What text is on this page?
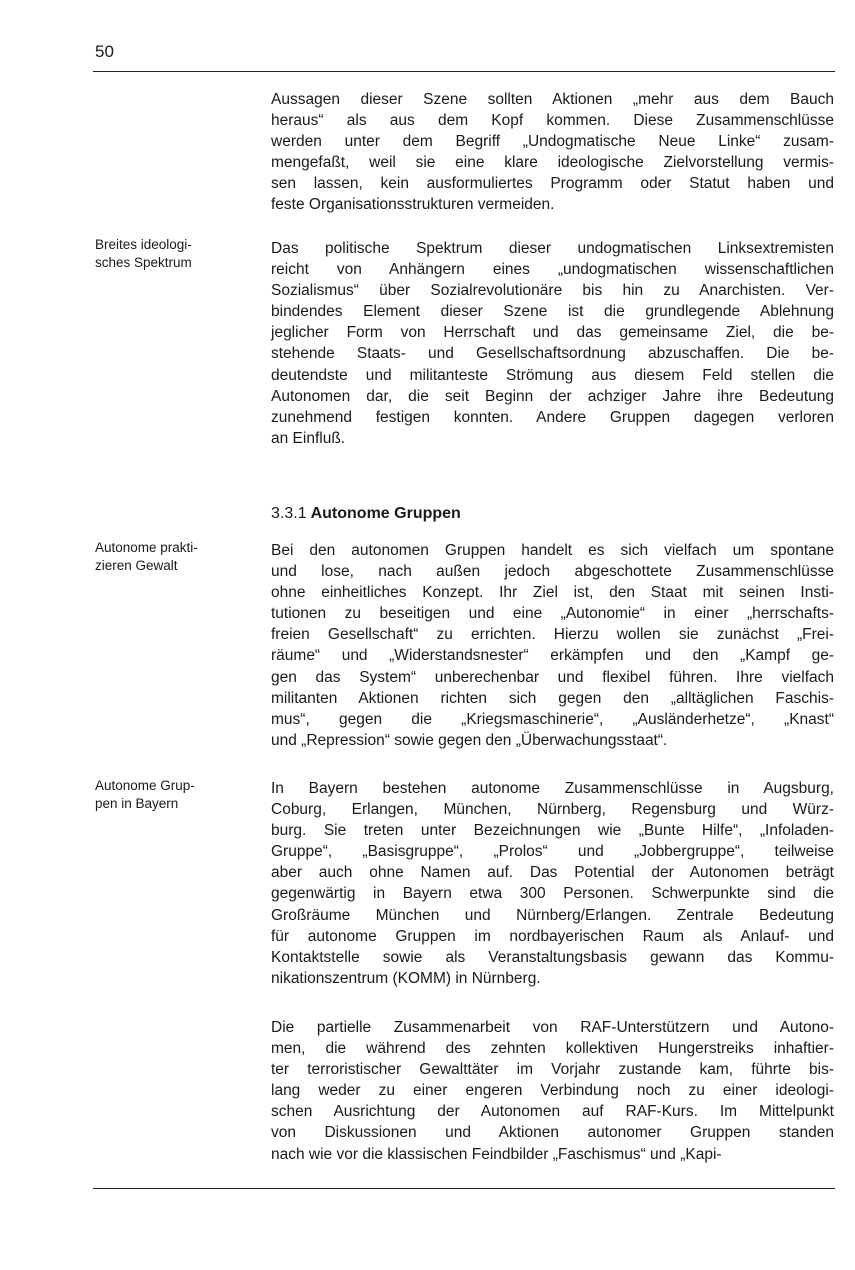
50

Aussagen dieser Szene sollten Aktionen „mehr aus dem Bauch
heraus“ als aus dem Kopf kommen. Diese Zusammenschlüsse
werden unter dem Begriff „Undogmatische Neue Linke“ zusam-
mengefaßt, weil sie eine klare ideologische Zielvorstellung vermis-
sen lassen, kein ausformuliertes Programm oder Statut haben und
feste Organisationsstrukturen vermeiden.

Breites ideologi-
sches Spektrum

Das politische Spektrum dieser undogmatischen Linksextremisten
reicht von Anhängern eines „undogmatischen wissenschaftlichen
Sozialismus“ über Sozialrevolutionäre bis hin zu Anarchisten. Ver-
bindendes Element dieser Szene ist die grundlegende Ablehnung
jeglicher Form von Herrschaft und das gemeinsame Ziel, die be-
stehende Staats- und Gesellschaftsordnung abzuschaffen. Die be-
deutendste und militanteste Strömung aus diesem Feld stellen die
Autonomen dar, die seit Beginn der achziger Jahre ihre Bedeutung
zunehmend festigen konnten. Andere Gruppen dagegen verloren
an Einfluß.

3.3.1 Autonome Gruppen
Autonome prakti-
zieren Gewalt

Bei den autonomen Gruppen handelt es sich vielfach um spontane
und lose, nach außen jedoch abgeschottete Zusammenschlüsse
ohne einheitliches Konzept. Ihr Ziel ist, den Staat mit seinen Insti-
tutionen zu beseitigen und eine „Autonomie“ in einer „herrschafts-
freien Gesellschaft“ zu errichten. Hierzu wollen sie zunächst „Frei-
räume“ und „Widerstandsnester“ erkämpfen und den „Kampf ge-
gen das System“ unberechenbar und flexibel führen. Ihre vielfach
militanten Aktionen richten sich gegen den „alltäglichen Faschis-
mus“, gegen die „Kriegsmaschinerie“, „Ausländerhetze“, „Knast“
und „Repression“ sowie gegen den „Überwachungsstaat“.

Autonome Grup-
pen in Bayern

In Bayern bestehen autonome Zusammenschlüsse in Augsburg,
Coburg, Erlangen, München, Nürnberg, Regensburg und Würz-
burg. Sie treten unter Bezeichnungen wie „Bunte Hilfe“, „Infoladen-
Gruppe“, „Basisgruppe“, „Prolos“ und „Jobbergruppe“, teilweise
aber auch ohne Namen auf. Das Potential der Autonomen beträgt
gegenwärtig in Bayern etwa 300 Personen. Schwerpunkte sind die
Großräume München und Nürnberg/Erlangen. Zentrale Bedeutung
für autonome Gruppen im nordbayerischen Raum als Anlauf- und
Kontaktstelle sowie als Veranstaltungsbasis gewann das Kommu-
nikationszentrum (KOMM) in Nürnberg.

Die partielle Zusammenarbeit von RAF-Unterstützern und Autono-
men, die während des zehnten kollektiven Hungerstreiks inhaftier-
ter terroristischer Gewalttäter im Vorjahr zustande kam, führte bis-
lang weder zu einer engeren Verbindung noch zu einer ideologi-
schen Ausrichtung der Autonomen auf RAF-Kurs. Im Mittelpunkt
von Diskussionen und Aktionen autonomer Gruppen standen
nach wie vor die klassischen Feindbilder „Faschismus“ und „Kapi-
